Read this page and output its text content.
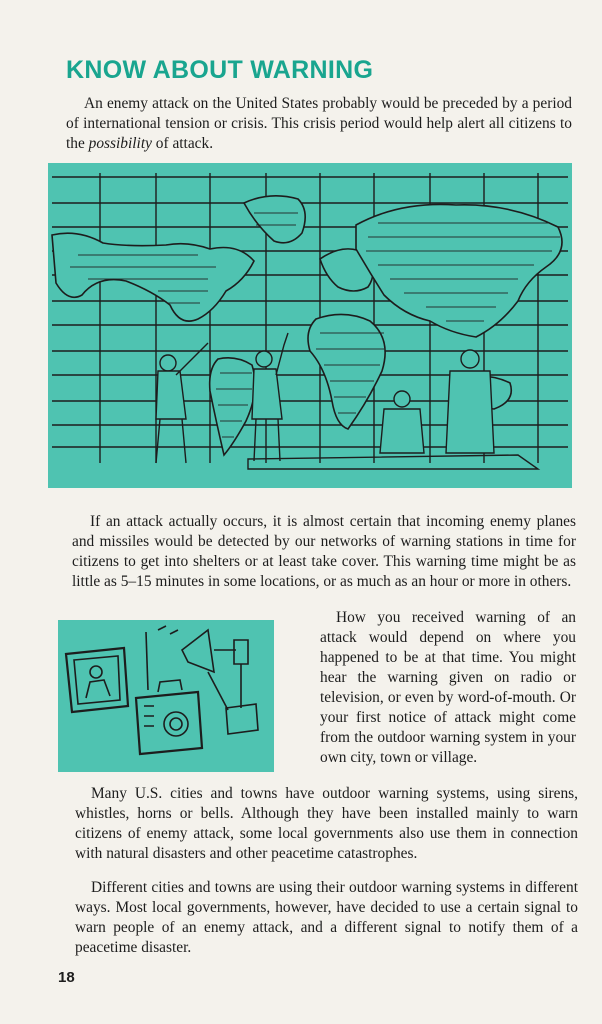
KNOW ABOUT WARNING

An enemy attack on the United States probably would be preceded by a period of international tension or crisis. This crisis period would help alert all citizens to the possibility of attack.

If an attack actually occurs, it is almost certain that incoming enemy planes and missiles would be detected by our networks of warning stations in time for citizens to get into shelters or at least take cover. This warning time might be as little as 5–15 minutes in some locations, or as much as an hour or more in others.

How you received warning of an attack would depend on where you happened to be at that time. You might hear the warning given on radio or television, or even by word-of-mouth. Or your first notice of attack might come from the outdoor warning system in your own city, town or village.

Many U.S. cities and towns have outdoor warning systems, using sirens, whistles, horns or bells. Although they have been installed mainly to warn citizens of enemy attack, some local governments also use them in connection with natural disasters and other peacetime catastrophes.

Different cities and towns are using their outdoor warning systems in different ways. Most local governments, however, have decided to use a certain signal to warn people of an enemy attack, and a different signal to notify them of a peacetime disaster.

18
